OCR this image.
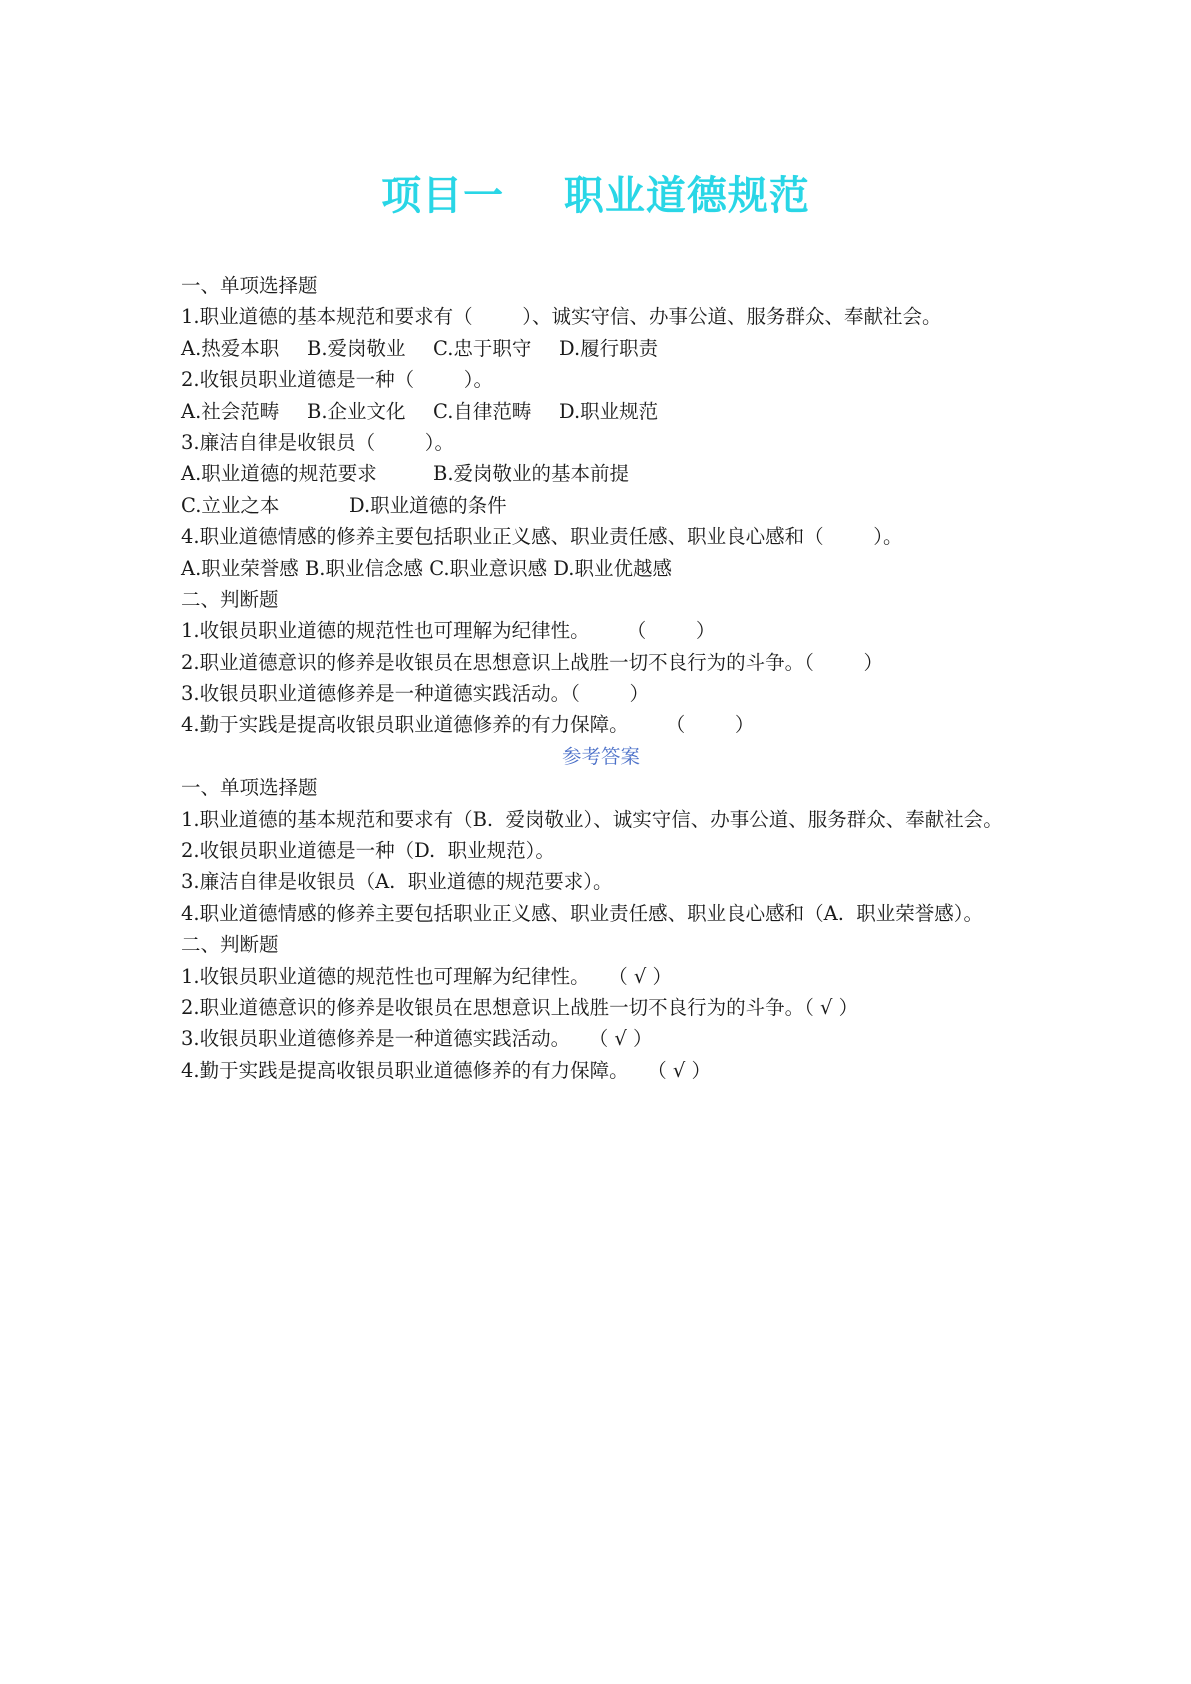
项目一    职业道德规范
一、单项选择题
1.职业道德的基本规范和要求有（        ）、诚实守信、办事公道、服务群众、奉献社会。
A.热爱本职	B.爱岗敬业	C.忠于职守	D.履行职责
2.收银员职业道德是一种（        ）。
A.社会范畴	B.企业文化	C.自律范畴	D.职业规范
3.廉洁自律是收银员（        ）。
A.职业道德的规范要求	B.爱岗敬业的基本前提
C.立业之本	D.职业道德的条件
4.职业道德情感的修养主要包括职业正义感、职业责任感、职业良心感和（        ）。
A.职业荣誉感 B.职业信念感 C.职业意识感 D.职业优越感
二、判断题
1.收银员职业道德的规范性也可理解为纪律性。      （        ）
2.职业道德意识的修养是收银员在思想意识上战胜一切不良行为的斗争。（        ）
3.收银员职业道德修养是一种道德实践活动。（        ）
4.勤于实践是提高收银员职业道德修养的有力保障。      （        ）
参考答案
一、单项选择题
1.职业道德的基本规范和要求有（B.  爱岗敬业）、诚实守信、办事公道、服务群众、奉献社会。
2.收银员职业道德是一种（D.  职业规范）。
3.廉洁自律是收银员（A.  职业道德的规范要求）。
4.职业道德情感的修养主要包括职业正义感、职业责任感、职业良心感和（A.  职业荣誉感）。
二、判断题
1.收银员职业道德的规范性也可理解为纪律性。   （ √ ）
2.职业道德意识的修养是收银员在思想意识上战胜一切不良行为的斗争。（ √ ）
3.收银员职业道德修养是一种道德实践活动。   （ √ ）
4.勤于实践是提高收银员职业道德修养的有力保障。   （ √ ）
